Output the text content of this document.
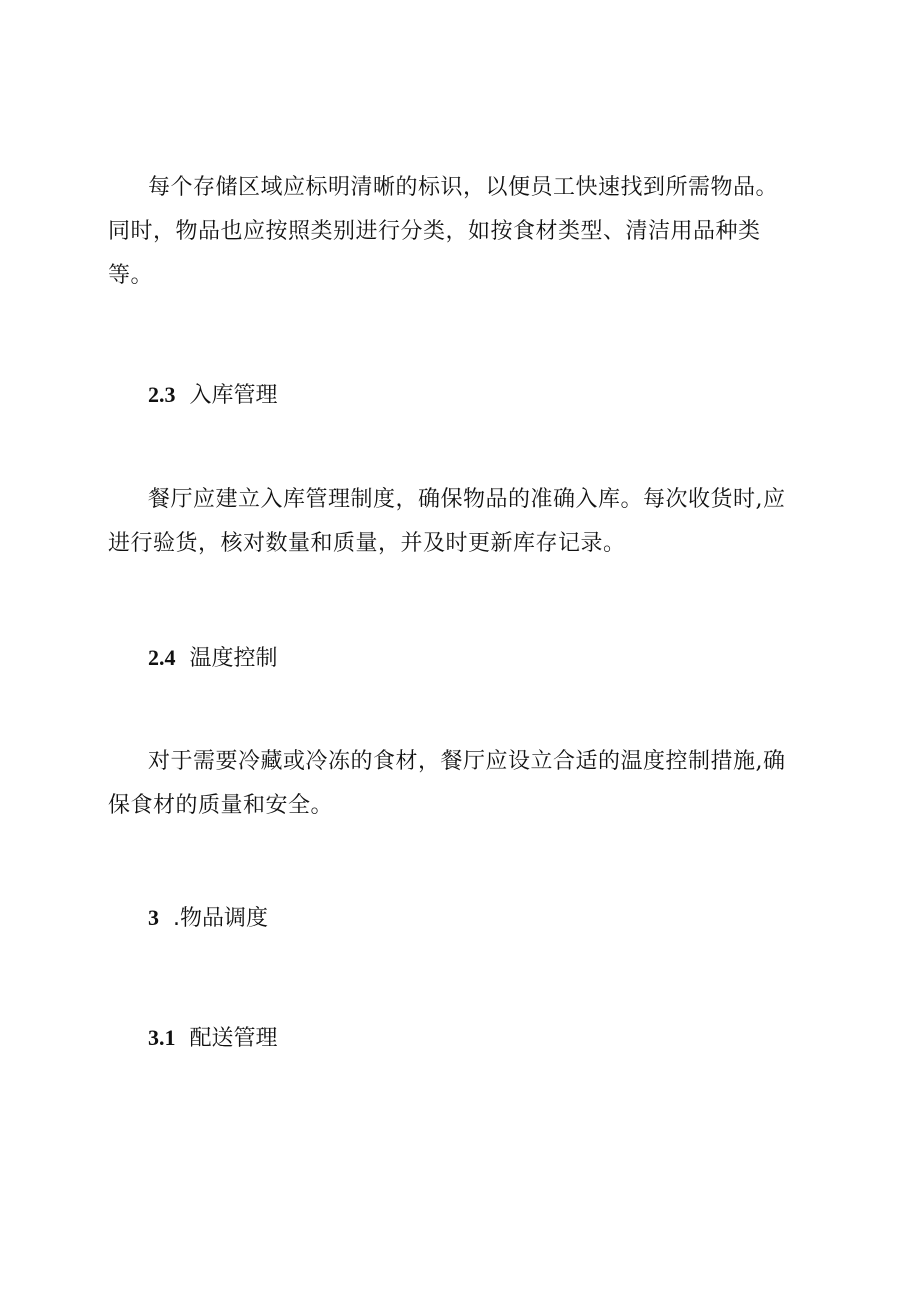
每个存储区域应标明清晰的标识，以便员工快速找到所需物品。
同时，物品也应按照类别进行分类，如按食材类型、清洁用品种类
等。

2.3 入库管理

餐厅应建立入库管理制度，确保物品的准确入库。每次收货时,应
进行验货，核对数量和质量，并及时更新库存记录。

2.4 温度控制

对于需要冷藏或冷冻的食材，餐厅应设立合适的温度控制措施,确
保食材的质量和安全。

3 .物品调度
3.1 配送管理
